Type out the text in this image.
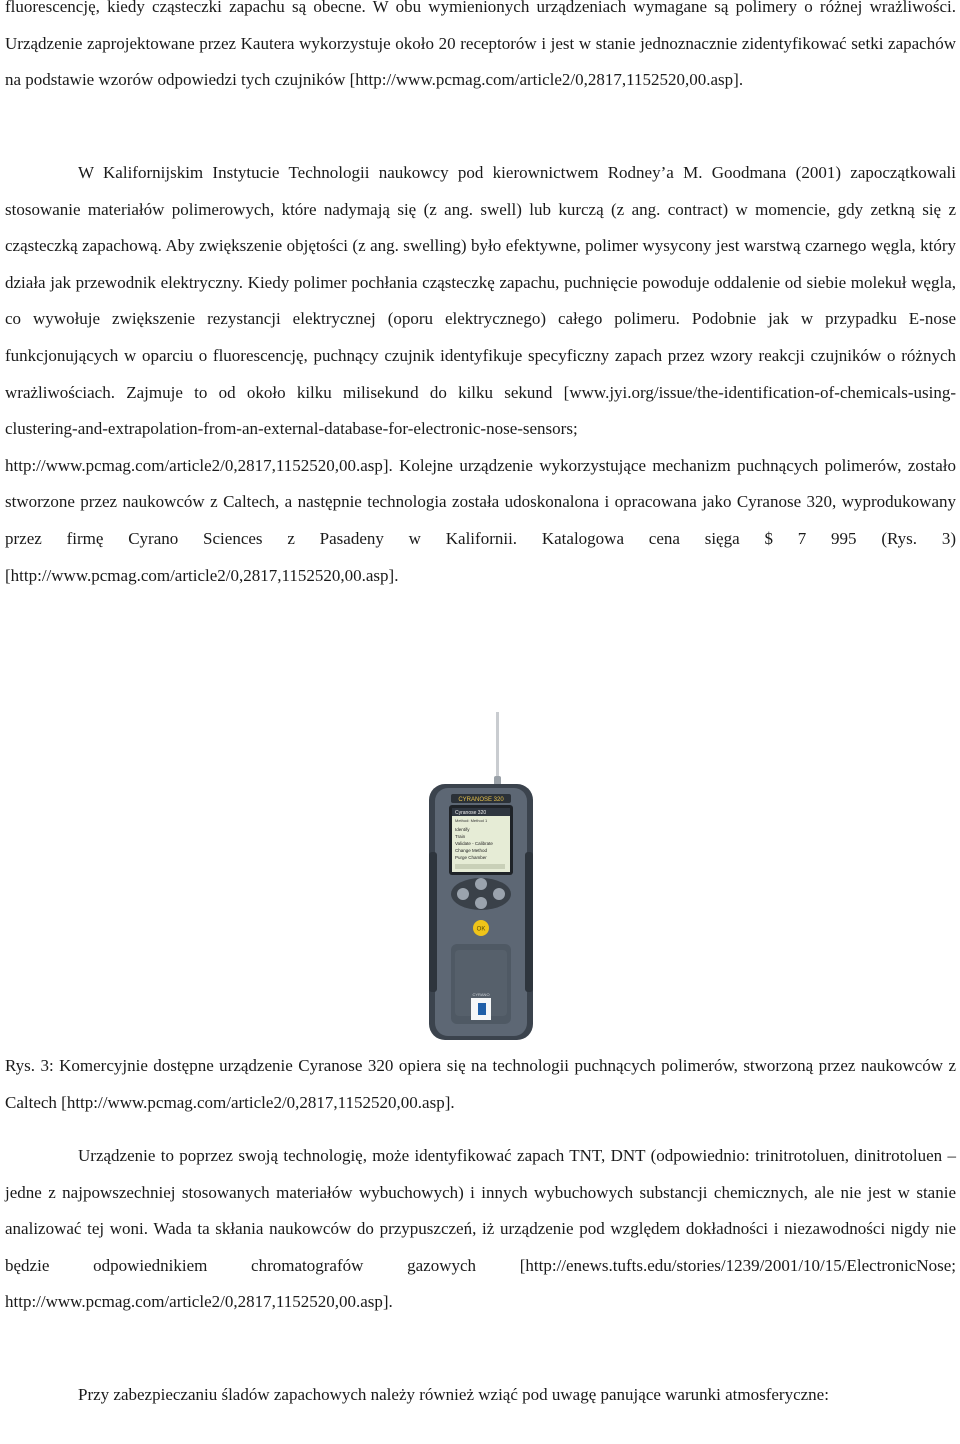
fluorescencję, kiedy cząsteczki zapachu są obecne. W obu wymienionych urządzeniach wymagane są polimery o różnej wrażliwości. Urządzenie zaprojektowane przez Kautera wykorzystuje około 20 receptorów i jest w stanie jednoznacznie zidentyfikować setki zapachów na podstawie wzorów odpowiedzi tych czujników [http://www.pcmag.com/article2/0,2817,1152520,00.asp].

W Kalifornijskim Instytucie Technologii naukowcy pod kierownictwem Rodney’a M. Goodmana (2001) zapoczątkowali stosowanie materiałów polimerowych, które nadymają się (z ang. swell) lub kurczą (z ang. contract) w momencie, gdy zetkną się z cząsteczką zapachową. Aby zwiększenie objętości (z ang. swelling) było efektywne, polimer wysycony jest warstwą czarnego węgla, który działa jak przewodnik elektryczny. Kiedy polimer pochłania cząsteczkę zapachu, puchnięcie powoduje oddalenie od siebie molekuł węgla, co wywołuje zwiększenie rezystancji elektrycznej (oporu elektrycznego) całego polimeru. Podobnie jak w przypadku E-nose funkcjonujących w oparciu o fluorescencję, puchnący czujnik identyfikuje specyficzny zapach przez wzory reakcji czujników o różnych wrażliwościach. Zajmuje to od około kilku milisekund do kilku sekund [www.jyi.org/issue/the-identification-of-chemicals-using-clustering-and-extrapolation-from-an-external-database-for-electronic-nose-sensors; http://www.pcmag.com/article2/0,2817,1152520,00.asp]. Kolejne urządzenie wykorzystujące mechanizm puchnących polimerów, zostało stworzone przez naukowców z Caltech, a następnie technologia została udoskonalona i opracowana jako Cyranose 320, wyprodukowany przez firmę Cyrano Sciences z Pasadeny w Kalifornii. Katalogowa cena sięga $ 7 995 (Rys. 3) [http://www.pcmag.com/article2/0,2817,1152520,00.asp].

CYRANOSE 320
Cyranose 320
Method: Method 1
Identify
Train
Validate - Calibrate
Change Method
Purge Chamber
OK
CYRANO

Rys. 3: Komercyjnie dostępne urządzenie Cyranose 320 opiera się na technologii puchnących polimerów, stworzoną przez naukowców z Caltech [http://www.pcmag.com/article2/0,2817,1152520,00.asp].

Urządzenie to poprzez swoją technologię, może identyfikować zapach TNT, DNT (odpowiednio: trinitrotoluen, dinitrotoluen – jedne z najpowszechniej stosowanych materiałów wybuchowych) i innych wybuchowych substancji chemicznych, ale nie jest w stanie analizować tej woni. Wada ta skłania naukowców do przypuszczeń, iż urządzenie pod względem dokładności i niezawodności nigdy nie będzie odpowiednikiem chromatografów gazowych [http://enews.tufts.edu/stories/1239/2001/10/15/ElectronicNose; http://www.pcmag.com/article2/0,2817,1152520,00.asp].

Przy zabezpieczaniu śladów zapachowych należy również wziąć pod uwagę panujące warunki atmosferyczne:
